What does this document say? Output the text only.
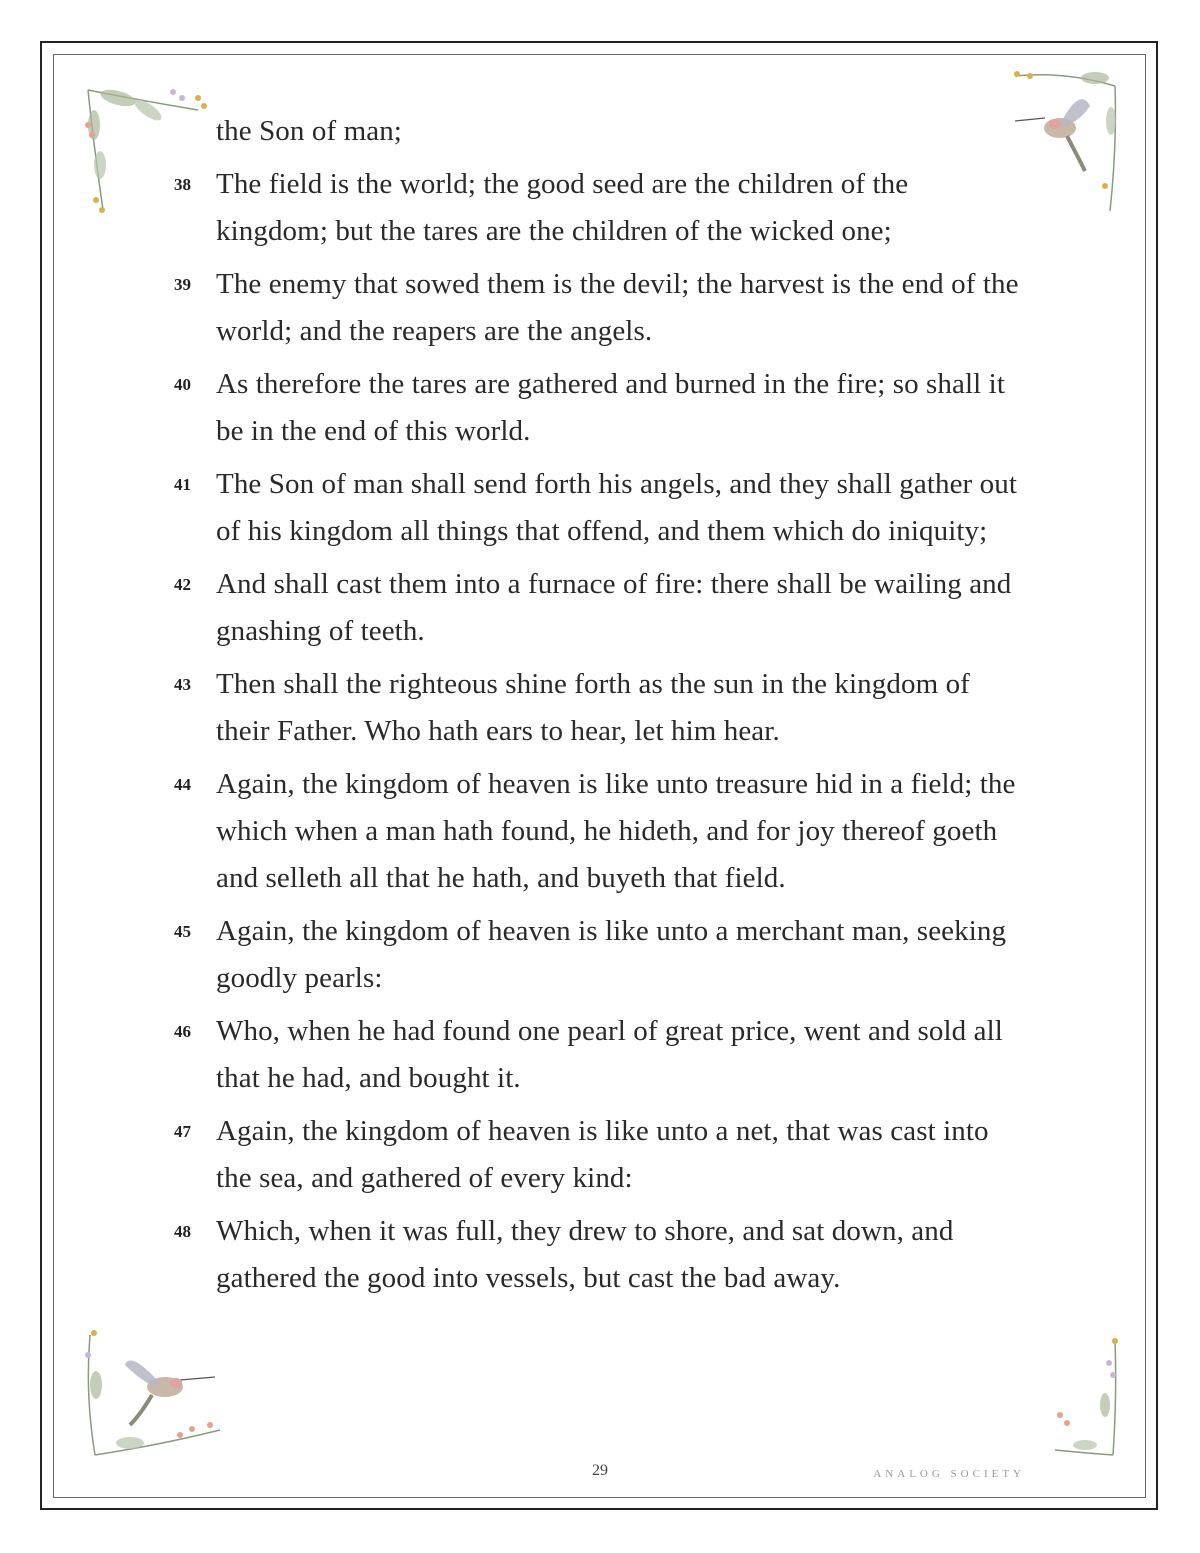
the Son of man;
38 The field is the world; the good seed are the children of the kingdom; but the tares are the children of the wicked one;
39 The enemy that sowed them is the devil; the harvest is the end of the world; and the reapers are the angels.
40 As therefore the tares are gathered and burned in the fire; so shall it be in the end of this world.
41 The Son of man shall send forth his angels, and they shall gather out of his kingdom all things that offend, and them which do iniquity;
42 And shall cast them into a furnace of fire: there shall be wailing and gnashing of teeth.
43 Then shall the righteous shine forth as the sun in the kingdom of their Father. Who hath ears to hear, let him hear.
44 Again, the kingdom of heaven is like unto treasure hid in a field; the which when a man hath found, he hideth, and for joy thereof goeth and selleth all that he hath, and buyeth that field.
45 Again, the kingdom of heaven is like unto a merchant man, seeking goodly pearls:
46 Who, when he had found one pearl of great price, went and sold all that he had, and bought it.
47 Again, the kingdom of heaven is like unto a net, that was cast into the sea, and gathered of every kind:
48 Which, when it was full, they drew to shore, and sat down, and gathered the good into vessels, but cast the bad away.
29	ANALOG SOCIETY
